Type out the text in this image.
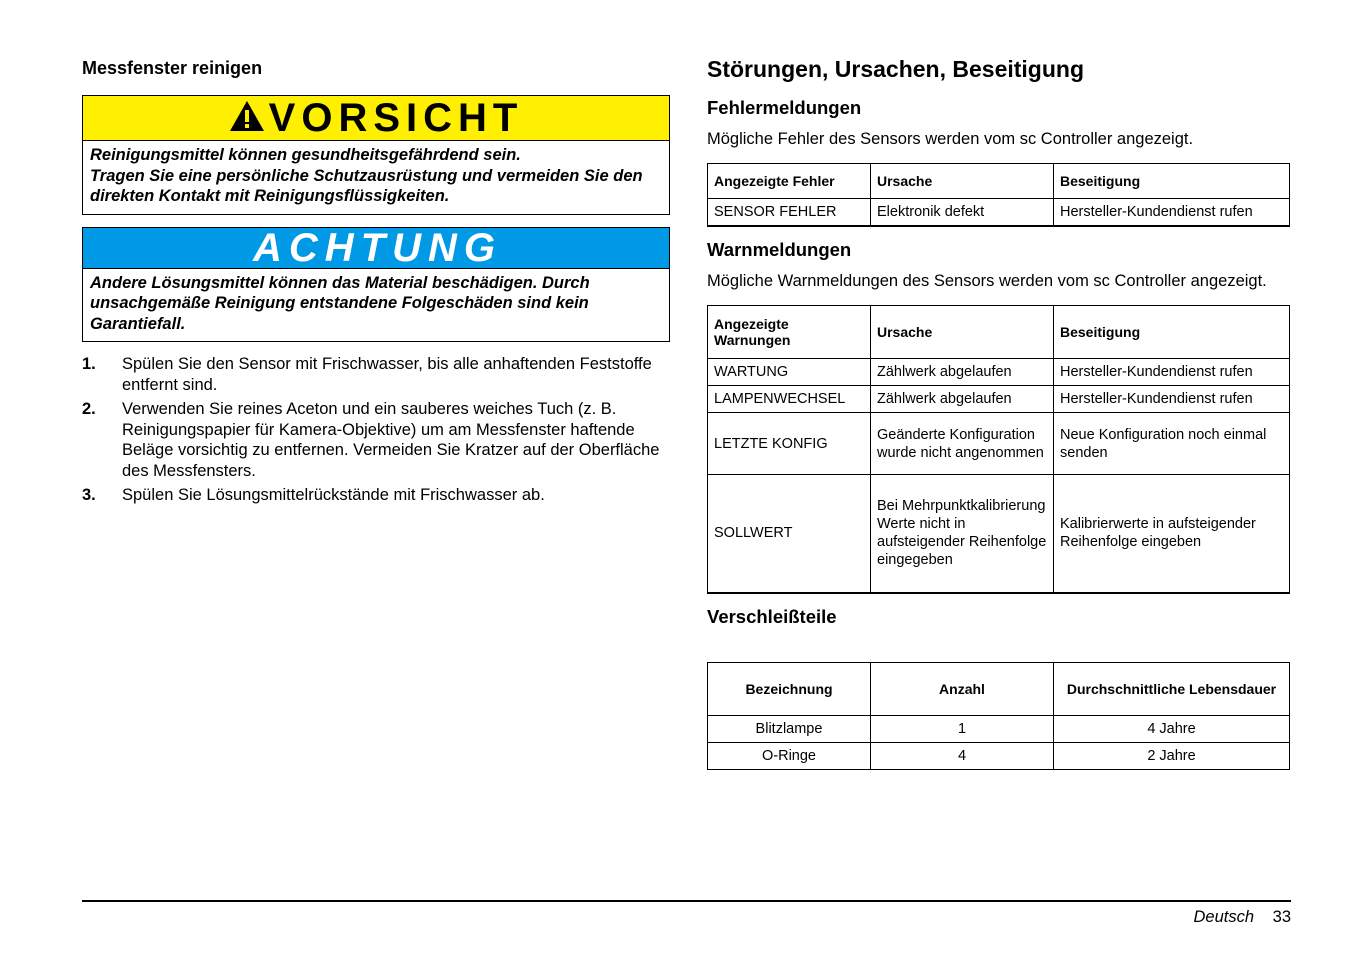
Messfenster reinigen
VORSICHT

Reinigungsmittel können gesundheitsgefährdend sein.

Tragen Sie eine persönliche Schutzausrüstung und vermeiden Sie den direkten Kontakt mit Reinigungsflüssigkeiten.

ACHTUNG

Andere Lösungsmittel können das Material beschädigen. Durch unsachgemäße Reinigung entstandene Folgeschäden sind kein Garantiefall.

1. Spülen Sie den Sensor mit Frischwasser, bis alle anhaftenden Feststoffe entfernt sind.
2. Verwenden Sie reines Aceton und ein sauberes weiches Tuch (z. B. Reinigungspapier für Kamera-Objektive) um am Messfenster haftende Beläge vorsichtig zu entfernen. Vermeiden Sie Kratzer auf der Oberfläche des Messfensters.
3. Spülen Sie Lösungsmittelrückstände mit Frischwasser ab.
Störungen, Ursachen, Beseitigung
Fehlermeldungen
Mögliche Fehler des Sensors werden vom sc Controller angezeigt.
Angezeigte Fehler	Ursache	Beseitigung
SENSOR FEHLER	Elektronik defekt	Hersteller-Kundendienst rufen
Warnmeldungen
Mögliche Warnmeldungen des Sensors werden vom sc Controller angezeigt.
Angezeigte Warnungen	Ursache	Beseitigung
WARTUNG	Zählwerk abgelaufen	Hersteller-Kundendienst rufen
LAMPENWECHSEL	Zählwerk abgelaufen	Hersteller-Kundendienst rufen
LETZTE KONFIG	Geänderte Konfiguration wurde nicht angenommen	Neue Konfiguration noch einmal senden
SOLLWERT	Bei Mehrpunktkalibrierung Werte nicht in aufsteigender Reihenfolge eingegeben	Kalibrierwerte in aufsteigender Reihenfolge eingeben
Verschleißteile
Bezeichnung	Anzahl	Durchschnittliche Lebensdauer
Blitzlampe	1	4 Jahre
O-Ringe	4	2 Jahre
Deutsch 33
